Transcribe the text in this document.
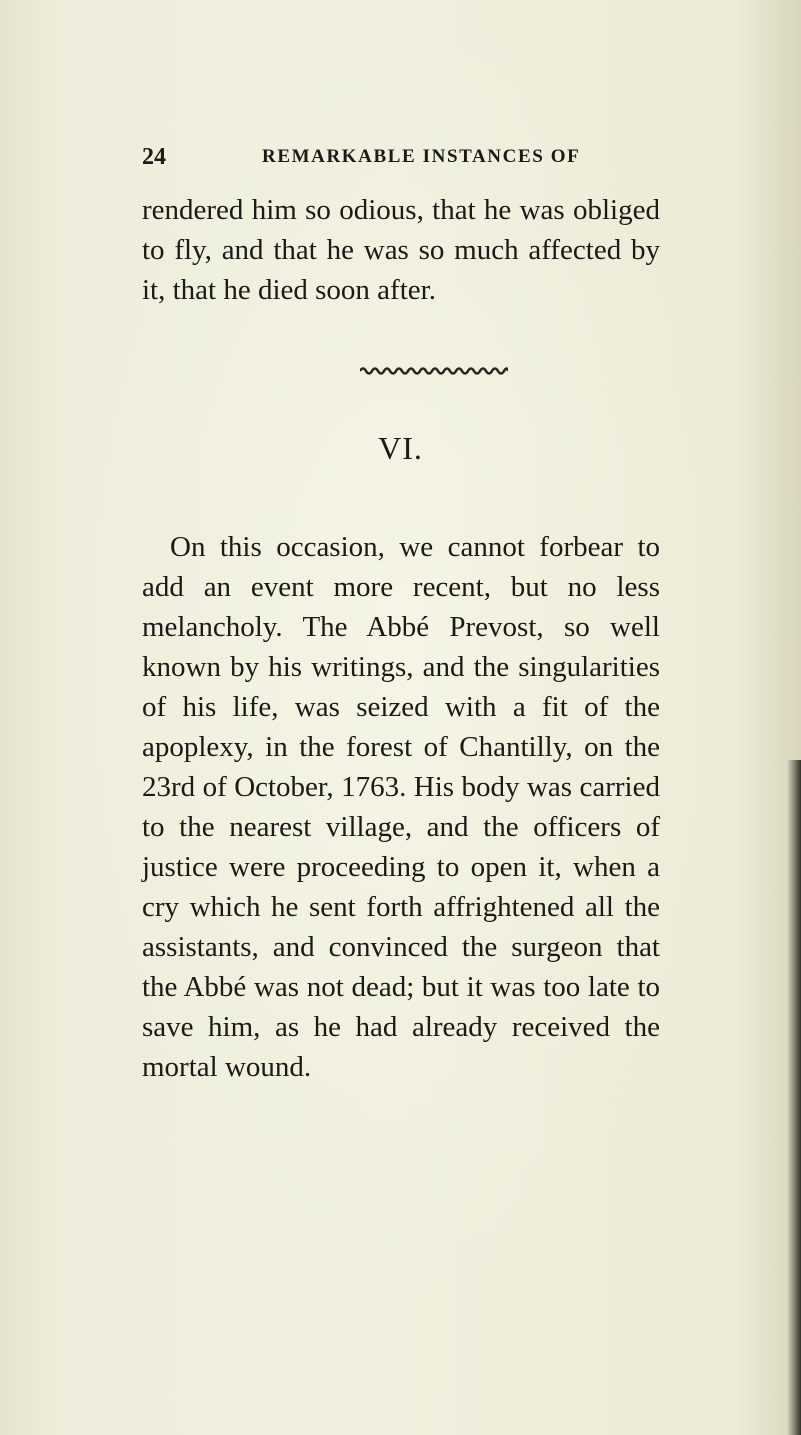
24	REMARKABLE INSTANCES OF

rendered him so odious, that he was obliged to fly, and that he was so much affected by it, that he died soon after.

VI.

On this occasion, we cannot forbear to add an event more recent, but no less melancholy. The Abbé Prevost, so well known by his writings, and the singularities of his life, was seized with a fit of the apoplexy, in the forest of Chantilly, on the 23rd of October, 1763. His body was carried to the nearest village, and the officers of justice were proceeding to open it, when a cry which he sent forth affrightened all the assistants, and convinced the surgeon that the Abbé was not dead; but it was too late to save him, as he had already received the mortal wound.
